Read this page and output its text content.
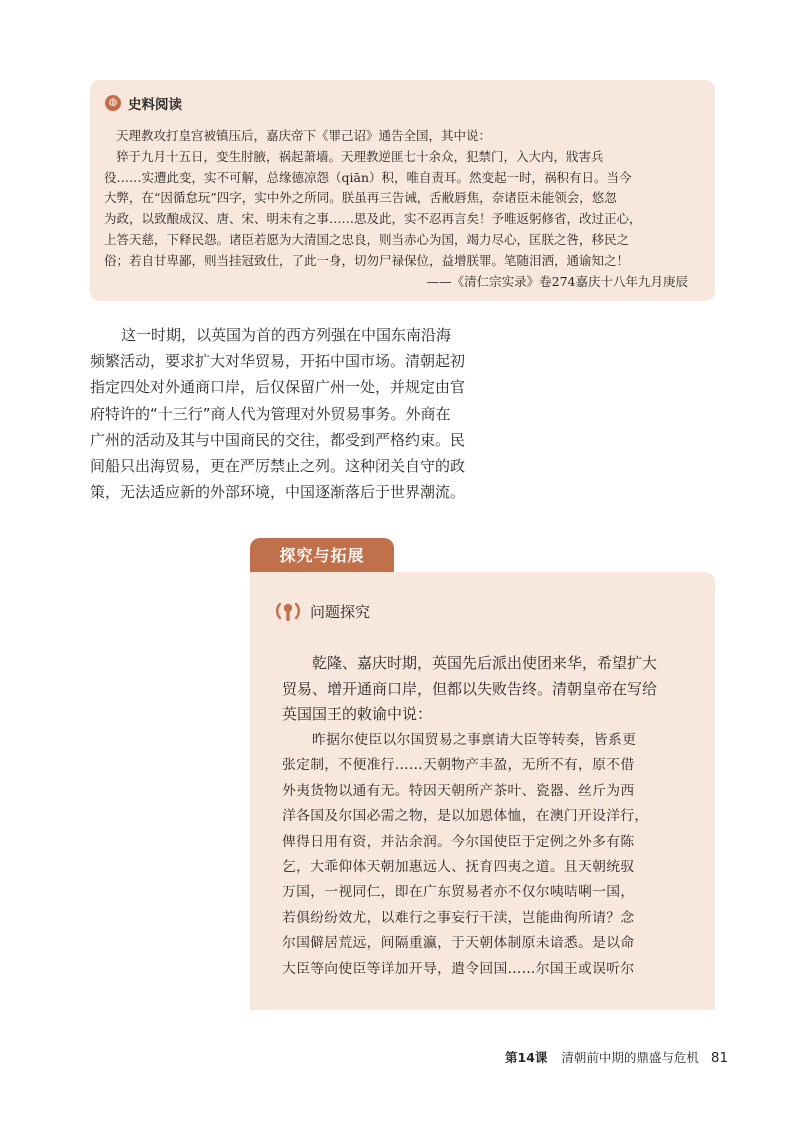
◍ 史料阅读
天理教攻打皇宫被镇压后，嘉庆帝下《罪己诏》通告全国，其中说：
猝于九月十五日，变生肘腋，祸起萧墙。天理教逆匪七十余众，犯禁门，入大内，戕害兵
役……实遭此变，实不可解，总缘德凉怨（qiān）积，唯自责耳。然变起一时，祸积有日。当今
大弊，在“因循怠玩”四字，实中外之所同。朕虽再三告诫，舌敝唇焦，奈诸臣未能领会，悠忽
为政，以致酿成汉、唐、宋、明未有之事……思及此，实不忍再言矣！予唯返躬修省，改过正心，
上答天慈，下释民怨。诸臣若愿为大清国之忠良，则当赤心为国，竭力尽心，匡朕之咎，移民之
俗；若自甘卑鄙，则当挂冠致仕，了此一身，切勿尸禄保位，益增朕罪。笔随泪洒，通谕知之！
——《清仁宗实录》卷274嘉庆十八年九月庚辰
这一时期，以英国为首的西方列强在中国东南沿海
频繁活动，要求扩大对华贸易，开拓中国市场。清朝起初
指定四处对外通商口岸，后仅保留广州一处，并规定由官
府特许的“十三行”商人代为管理对外贸易事务。外商在
广州的活动及其与中国商民的交往，都受到严格约束。民
间船只出海贸易，更在严厉禁止之列。这种闭关自守的政
策，无法适应新的外部环境，中国逐渐落后于世界潮流。
探究与拓展
问题探究
乾隆、嘉庆时期，英国先后派出使团来华，希望扩大
贸易、增开通商口岸，但都以失败告终。清朝皇帝在写给
英国国王的敕谕中说：
昨据尔使臣以尔国贸易之事禀请大臣等转奏，皆系更
张定制，不便准行……天朝物产丰盈，无所不有，原不借
外夷货物以通有无。特因天朝所产茶叶、瓷器、丝斤为西
洋各国及尔国必需之物，是以加恩体恤，在澳门开设洋行，
俾得日用有资，并沾余润。今尔国使臣于定例之外多有陈
乞，大乖仰体天朝加惠远人、抚育四夷之道。且天朝统驭
万国，一视同仁，即在广东贸易者亦不仅尔咦咭唎一国，
若俱纷纷效尤，以难行之事妄行干渎，岂能曲徇所请？念
尔国僻居荒远，间隔重瀛，于天朝体制原未谙悉。是以命
大臣等向使臣等详加开导，遣令回国……尔国王或误听尔
第14课 清朝前中期的鼎盛与危机 81
